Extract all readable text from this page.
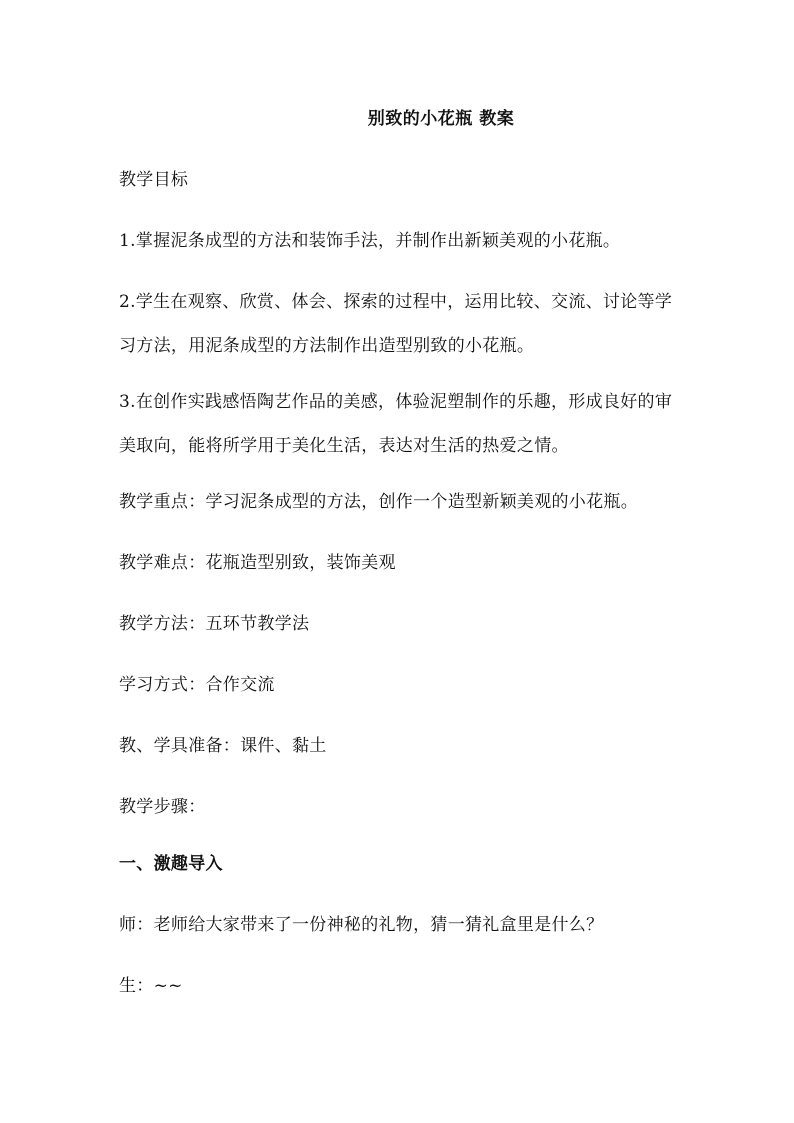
别致的小花瓶 教案
教学目标
1.掌握泥条成型的方法和装饰手法，并制作出新颖美观的小花瓶。
2.学生在观察、欣赏、体会、探索的过程中，运用比较、交流、讨论等学习方法，用泥条成型的方法制作出造型别致的小花瓶。
3.在创作实践感悟陶艺作品的美感，体验泥塑制作的乐趣，形成良好的审美取向，能将所学用于美化生活，表达对生活的热爱之情。
教学重点：学习泥条成型的方法，创作一个造型新颖美观的小花瓶。
教学难点：花瓶造型别致，装饰美观
教学方法：五环节教学法
学习方式：合作交流
教、学具准备：课件、黏土
教学步骤：
一、激趣导入
师：老师给大家带来了一份神秘的礼物，猜一猜礼盒里是什么？
生：~~
